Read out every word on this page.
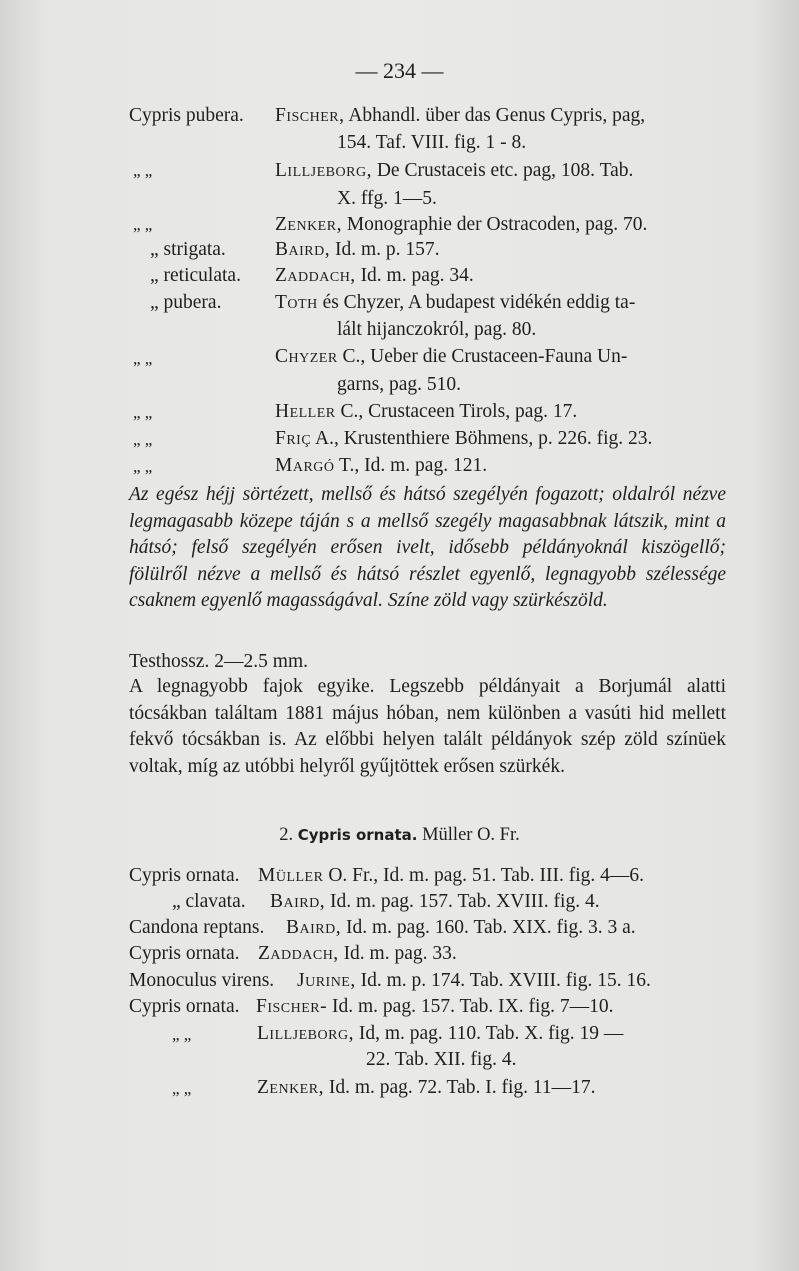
— 234 —
Cypris pubera. Fischer, Abhandl. über das Genus Cypris, pag,
154. Taf. VIII. fig. 1 - 8.
„ „	Lilljeborg, De Crustaceis etc. pag, 108. Tab.
X. ffg. 1—5.
„ „	Zenker, Monographie der Ostracoden, pag. 70.
„ strigata.	Baird, Id. m. p. 157.
„ reticulata. Zaddach, Id. m. pag. 34.
„ pubera.	Toth és Chyzer, A budapest vidékén eddig ta-
lált hijanczokról, pag. 80.
„ „	Chyzer C., Ueber die Crustaceen-Fauna Un-
garns, pag. 510.
„ „	Heller C., Crustaceen Tirols, pag. 17.
„ „	Friç A., Krustenthiere Böhmens, p. 226. fig. 23.
„ „	Margó T., Id. m. pag. 121.
Az egész héjj sörtézett, mellső és hátsó szegélyén fogazott; oldalról nézve legmagasabb közepe táján s a mellső szegély magasabbnak látszik, mint a hátsó; felső szegélyén erősen ivelt, idősebb példányoknál kiszögellő; fölülről nézve a mellső és hátsó részlet egyenlő, legnagyobb szélessége csaknem egyenlő magasságával. Színe zöld vagy szürkészöld.
Testhossz. 2—2.5 mm.
A legnagyobb fajok egyike. Legszebb példányait a Borjumál alatti tócsákban találtam 1881 május hóban, nem különben a vasúti hid mellett fekvő tócsákban is. Az előbbi helyen talált példányok szép zöld színüek voltak, míg az utóbbi helyről gyűjtöttek erősen szürkék.
2. Cypris ornata. Müller O. Fr.
Cypris ornata. Müller O. Fr., Id. m. pag. 51. Tab. III. fig. 4—6.
„ clavata. Baird, Id. m. pag. 157. Tab. XVIII. fig. 4.
Candona reptans. Baird, Id. m. pag. 160. Tab. XIX. fig. 3. 3 a.
Cypris ornata. Zaddach, Id. m. pag. 33.
Monoculus virens. Jurine, Id. m. p. 174. Tab. XVIII. fig. 15. 16.
Cypris ornata. Fischer- Id. m. pag. 157. Tab. IX. fig. 7—10.
„ „	Lilljeborg, Id, m. pag. 110. Tab. X. fig. 19 —
22. Tab. XII. fig. 4.
„ „	Zenker, Id. m. pag. 72. Tab. I. fig. 11—17.
